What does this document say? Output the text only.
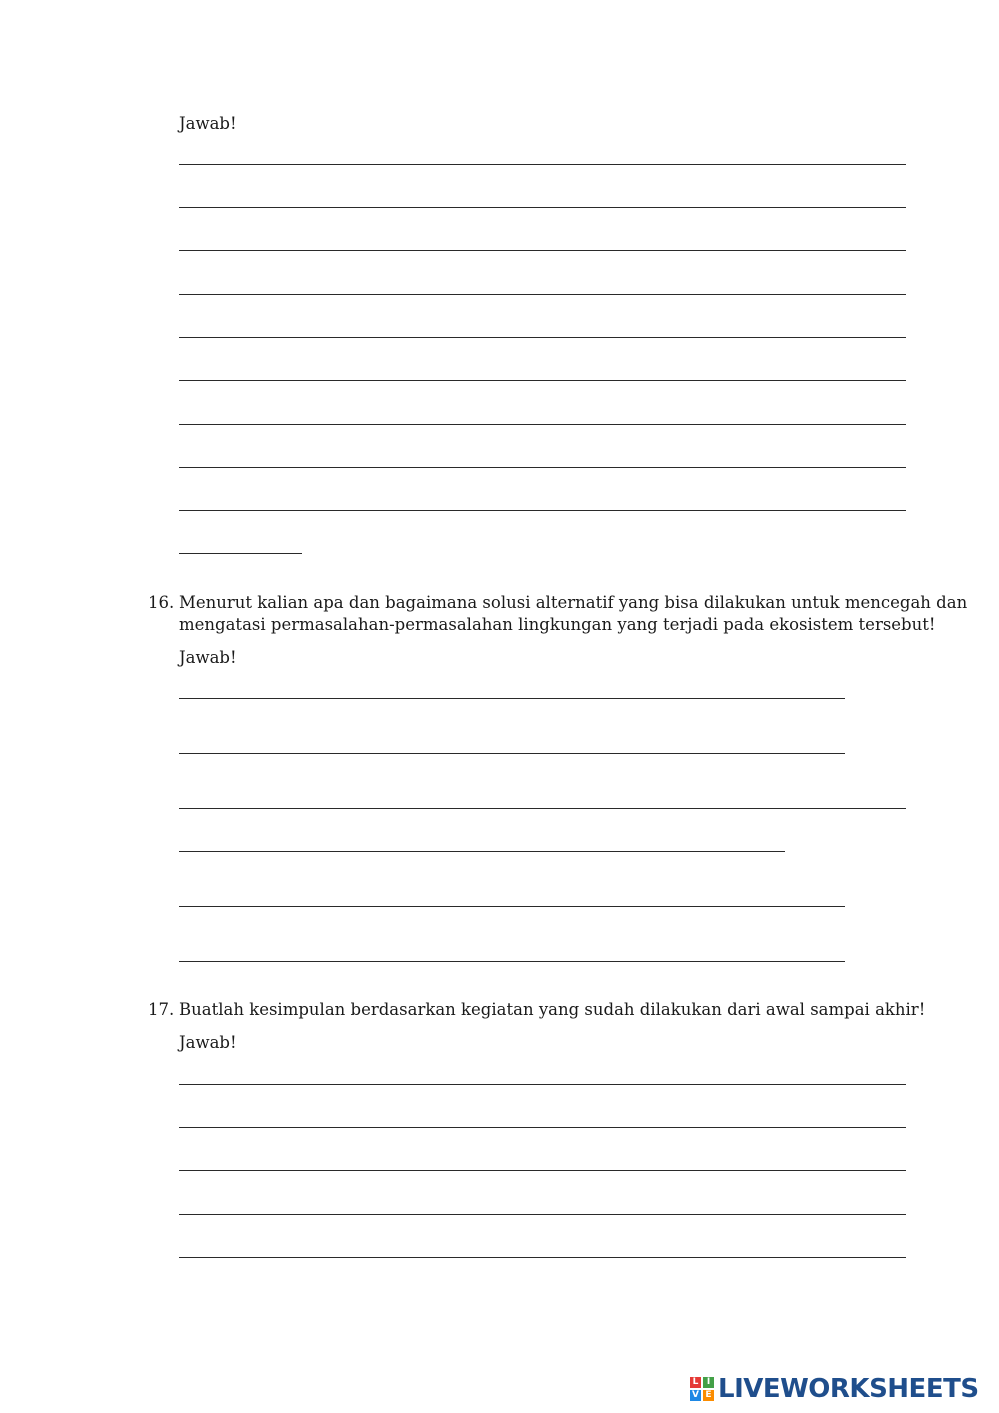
Jawab!
16. Menurut kalian apa dan bagaimana solusi alternatif yang bisa dilakukan untuk mencegah dan
mengatasi permasalahan-permasalahan lingkungan yang terjadi pada ekosistem tersebut!
Jawab!
17. Buatlah kesimpulan berdasarkan kegiatan yang sudah dilakukan dari awal sampai akhir!
Jawab!
L I
V E LIVEWORKSHEETS
